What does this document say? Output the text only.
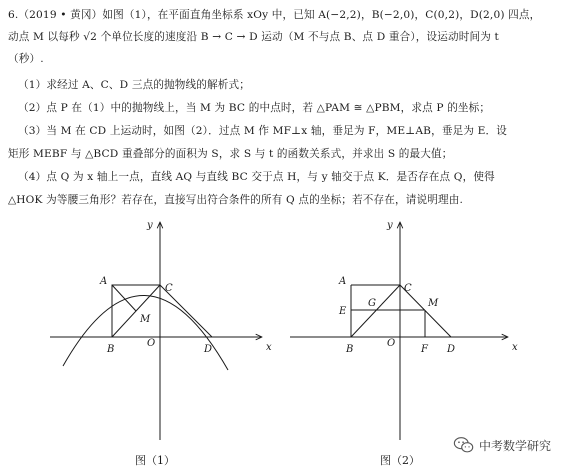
6.（2019 • 黄冈）如图（1），在平面直角坐标系 xOy 中，已知 A(−2,2)，B(−2,0)，C(0,2)，D(2,0) 四点，
动点 M 以每秒 √2 个单位长度的速度沿 B → C → D 运动（M 不与点 B、点 D 重合），设运动时间为 t
（秒）.
（1）求经过 A、C、D 三点的抛物线的解析式；
（2）点 P 在（1）中的抛物线上，当 M 为 BC 的中点时，若 △PAM ≅ △PBM，求点 P 的坐标；
（3）当 M 在 CD 上运动时，如图（2）．过点 M 作 MF⊥x 轴，垂足为 F，ME⊥AB，垂足为 E．设
矩形 MEBF 与 △BCD 重叠部分的面积为 S，求 S 与 t 的函数关系式，并求出 S 的最大值；
（4）点 Q 为 x 轴上一点，直线 AQ 与直线 BC 交于点 H，与 y 轴交于点 K．是否存在点 Q，使得
△HOK 为等腰三角形？若存在，直接写出符合条件的所有 Q 点的坐标；若不存在，请说明理由.
y
x
A
C
M
B
O
D
y
x
A
C
G	M
E
B
O
F D
图（1）	图（2）
中考数学研究
